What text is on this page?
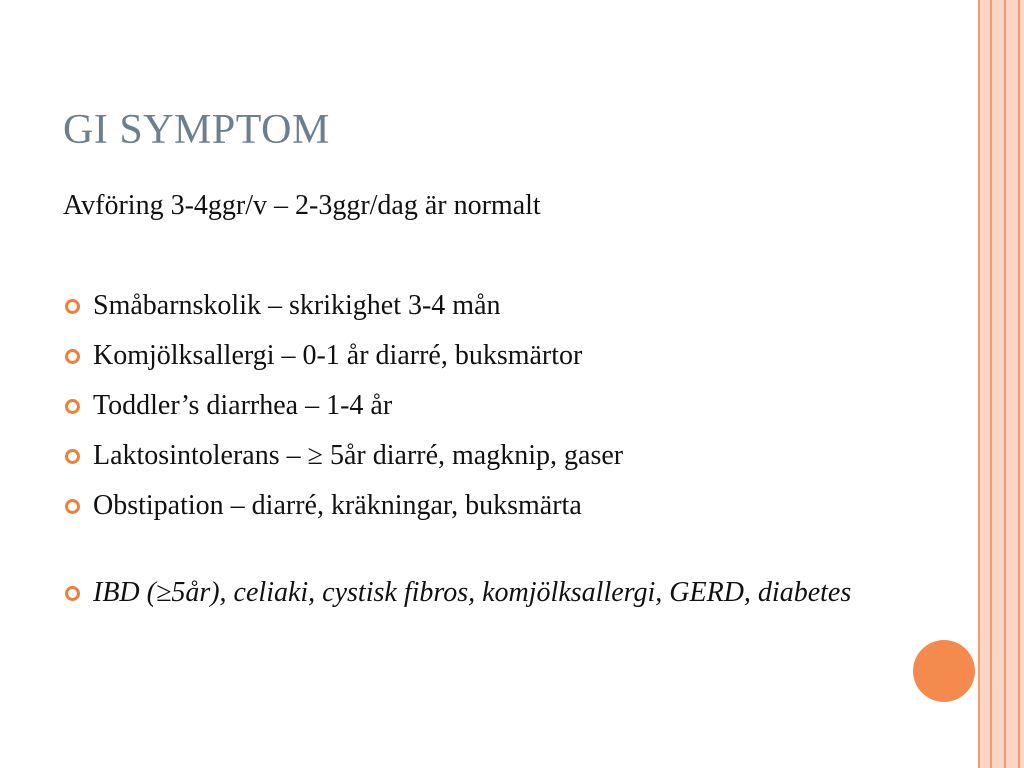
GI SYMPTOM
Avföring 3-4ggr/v – 2-3ggr/dag är normalt
Småbarnskolik – skrikighet 3-4 mån
Komjölksallergi – 0-1 år diarré, buksmärtor
Toddler’s diarrhea – 1-4 år
Laktosintolerans – ≥ 5år diarré, magknip, gaser
Obstipation – diarré, kräkningar, buksmärta
IBD (≥5år), celiaki, cystisk fibros, komjölksallergi, GERD, diabetes
